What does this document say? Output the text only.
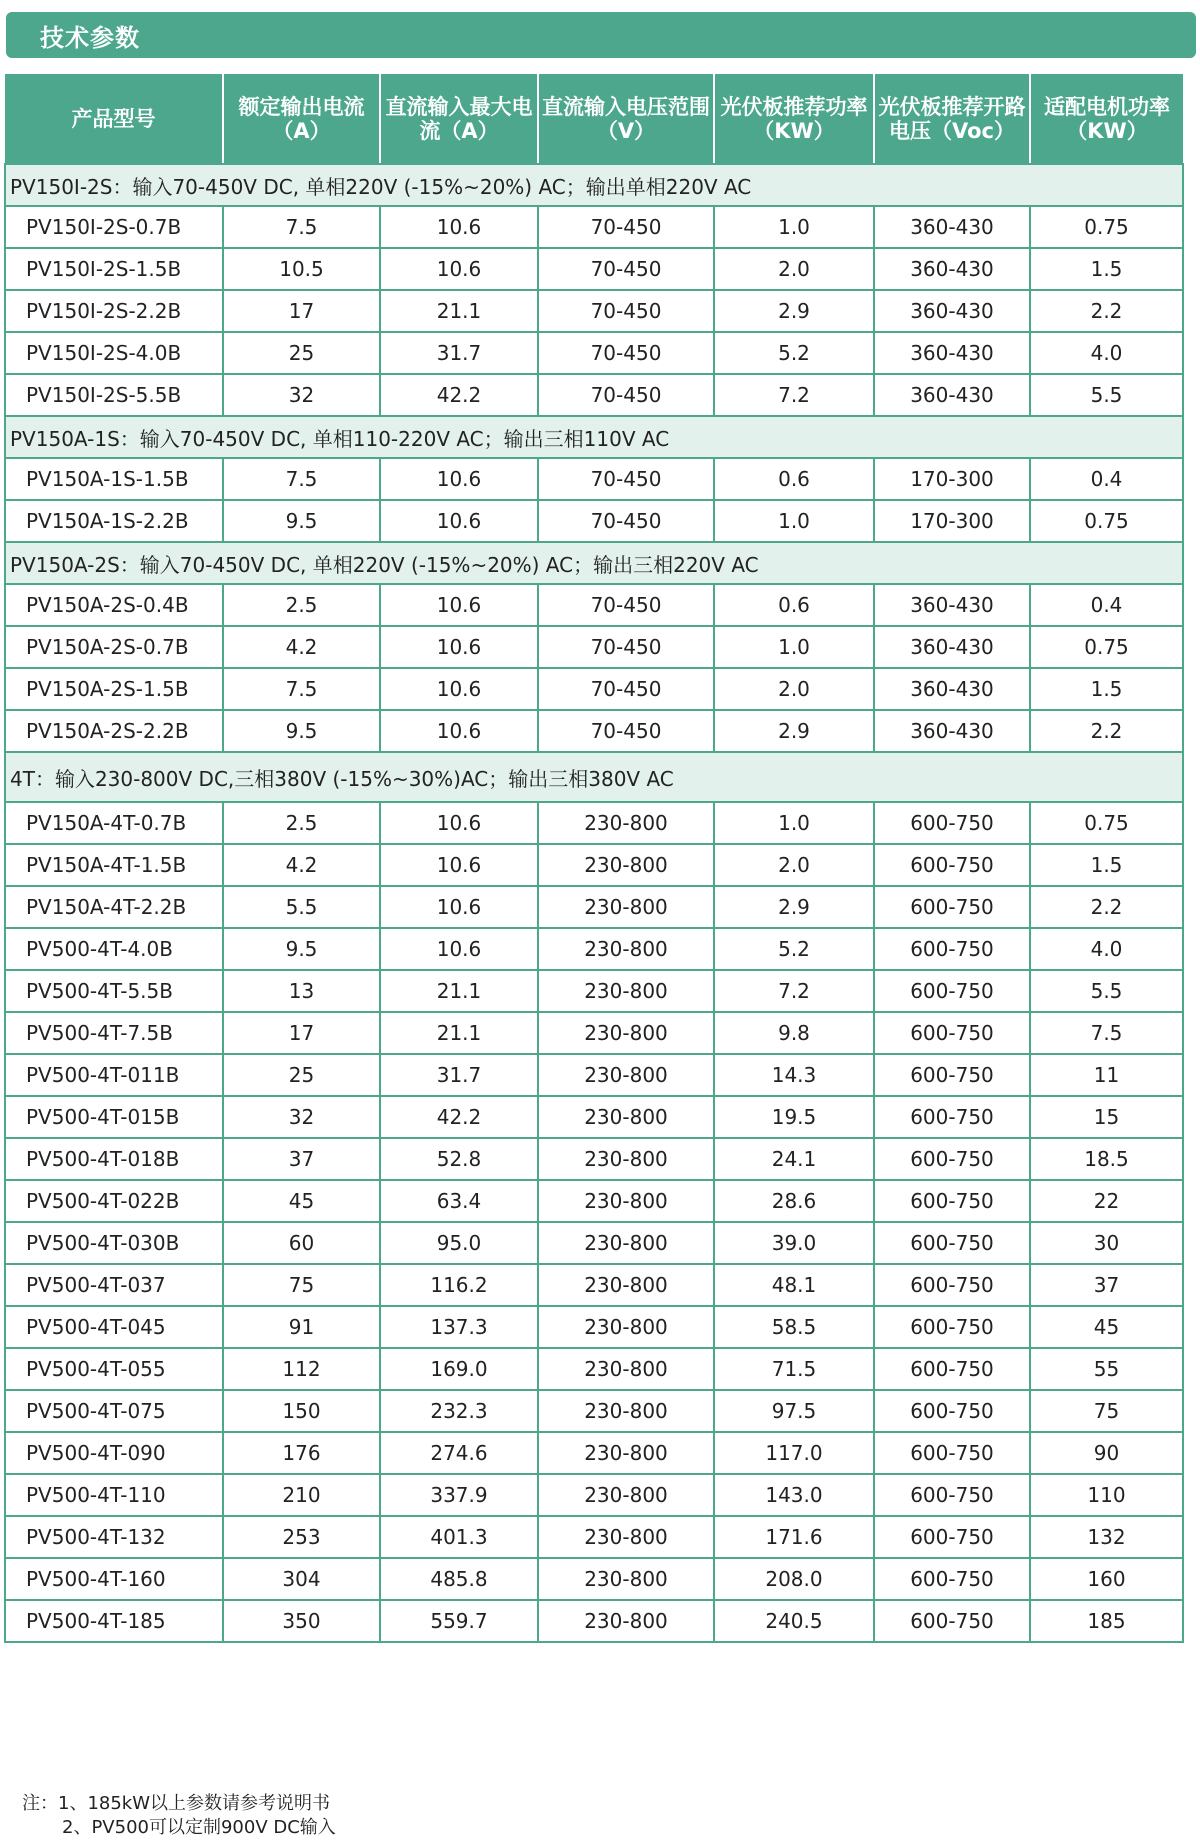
技术参数
产品型号	额定输出电流（A）	直流输入最大电流（A）	直流输入电压范围（V）	光伏板推荐功率（KW）	光伏板推荐开路电压（Voc）	适配电机功率（KW）
PV150I-2S：输入70-450V DC, 单相220V (-15%~20%) AC；输出单相220V AC						
PV150I-2S-0.7B	7.5	10.6	70-450	1.0	360-430	0.75
PV150I-2S-1.5B	10.5	10.6	70-450	2.0	360-430	1.5
PV150I-2S-2.2B	17	21.1	70-450	2.9	360-430	2.2
PV150I-2S-4.0B	25	31.7	70-450	5.2	360-430	4.0
PV150I-2S-5.5B	32	42.2	70-450	7.2	360-430	5.5
PV150A-1S：输入70-450V DC, 单相110-220V AC；输出三相110V AC						
PV150A-1S-1.5B	7.5	10.6	70-450	0.6	170-300	0.4
PV150A-1S-2.2B	9.5	10.6	70-450	1.0	170-300	0.75
PV150A-2S：输入70-450V DC, 单相220V (-15%~20%) AC；输出三相220V AC						
PV150A-2S-0.4B	2.5	10.6	70-450	0.6	360-430	0.4
PV150A-2S-0.7B	4.2	10.6	70-450	1.0	360-430	0.75
PV150A-2S-1.5B	7.5	10.6	70-450	2.0	360-430	1.5
PV150A-2S-2.2B	9.5	10.6	70-450	2.9	360-430	2.2
4T：输入230-800V DC,三相380V (-15%~30%)AC；输出三相380V AC						
PV150A-4T-0.7B	2.5	10.6	230-800	1.0	600-750	0.75
PV150A-4T-1.5B	4.2	10.6	230-800	2.0	600-750	1.5
PV150A-4T-2.2B	5.5	10.6	230-800	2.9	600-750	2.2
PV500-4T-4.0B	9.5	10.6	230-800	5.2	600-750	4.0
PV500-4T-5.5B	13	21.1	230-800	7.2	600-750	5.5
PV500-4T-7.5B	17	21.1	230-800	9.8	600-750	7.5
PV500-4T-011B	25	31.7	230-800	14.3	600-750	11
PV500-4T-015B	32	42.2	230-800	19.5	600-750	15
PV500-4T-018B	37	52.8	230-800	24.1	600-750	18.5
PV500-4T-022B	45	63.4	230-800	28.6	600-750	22
PV500-4T-030B	60	95.0	230-800	39.0	600-750	30
PV500-4T-037	75	116.2	230-800	48.1	600-750	37
PV500-4T-045	91	137.3	230-800	58.5	600-750	45
PV500-4T-055	112	169.0	230-800	71.5	600-750	55
PV500-4T-075	150	232.3	230-800	97.5	600-750	75
PV500-4T-090	176	274.6	230-800	117.0	600-750	90
PV500-4T-110	210	337.9	230-800	143.0	600-750	110
PV500-4T-132	253	401.3	230-800	171.6	600-750	132
PV500-4T-160	304	485.8	230-800	208.0	600-750	160
PV500-4T-185	350	559.7	230-800	240.5	600-750	185
注：1、185kW以上参数请参考说明书
2、PV500可以定制900V DC输入
